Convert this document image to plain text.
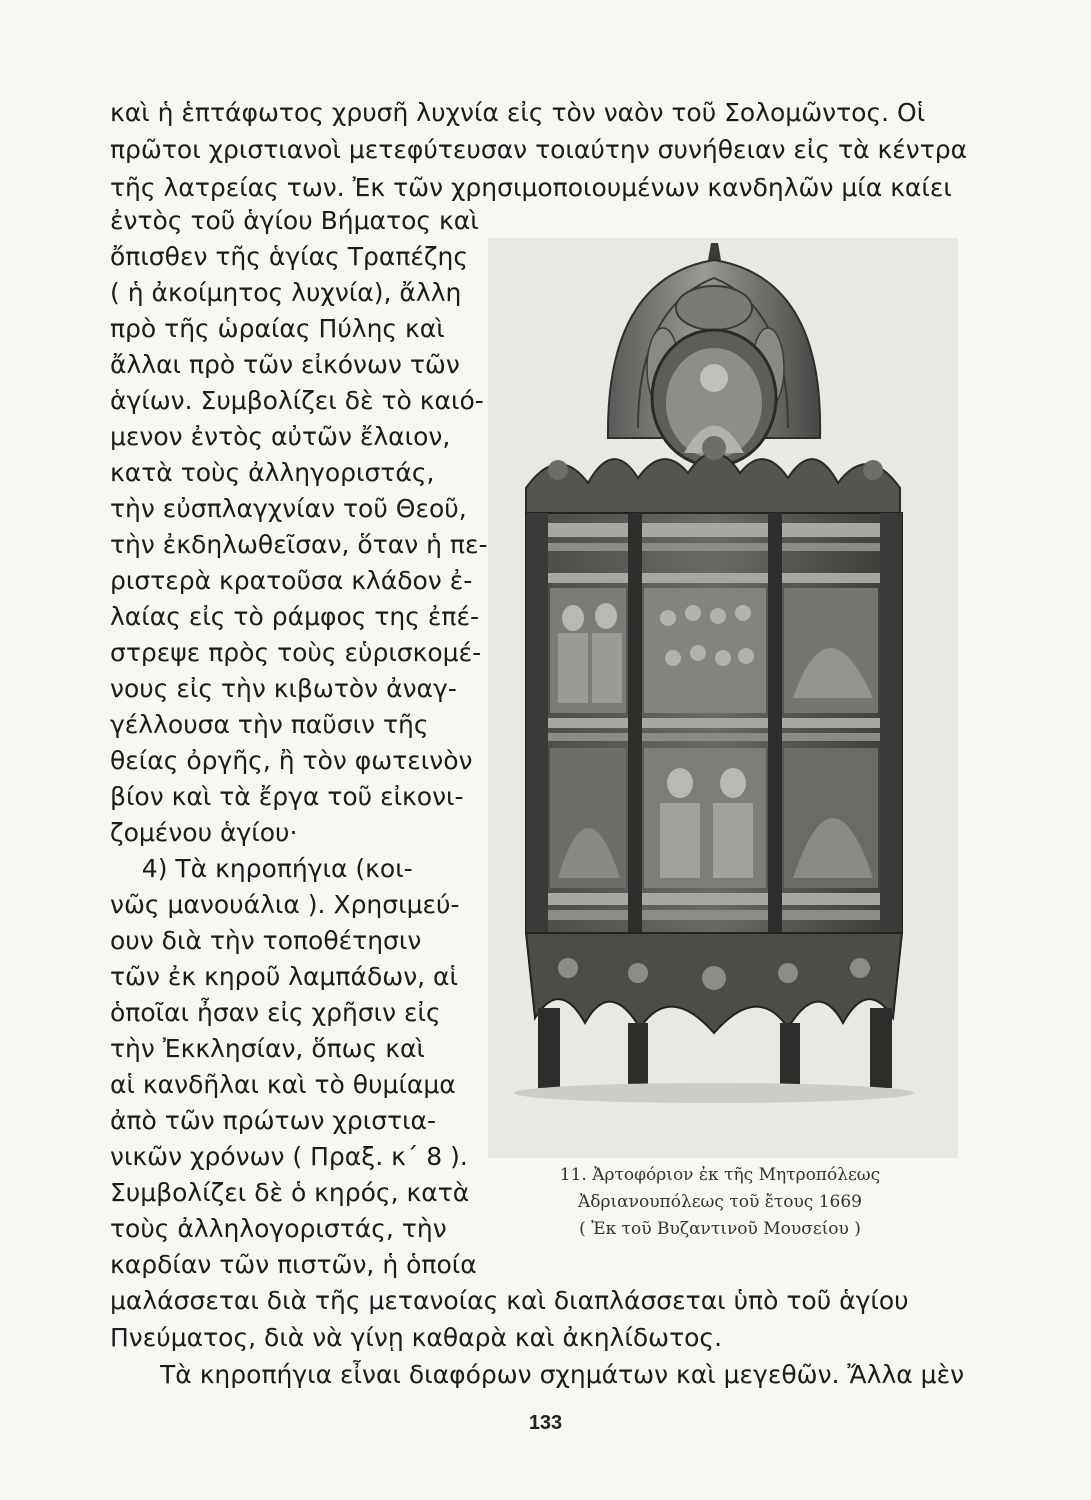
καὶ ἡ ἑπτάφωτος χρυσῆ λυχνία εἰς τὸν ναὸν τοῦ Σολομῶντος. Οἱ
πρῶτοι χριστιανοὶ μετεφύτευσαν τοιαύτην συνήθειαν εἰς τὰ κέντρα
τῆς λατρείας των. Ἐκ τῶν χρησιμοποιουμένων κανδηλῶν μία καίει
ἐντὸς τοῦ ἁγίου Βήματος καὶ
ὄπισθεν τῆς ἁγίας Τραπέζης
( ἡ ἀκοίμητος λυχνία), ἄλλη
πρὸ τῆς ὡραίας Πύλης καὶ
ἄλλαι πρὸ τῶν εἰκόνων τῶν
ἁγίων. Συμβολίζει δὲ τὸ καιό-
μενον ἐντὸς αὐτῶν ἔλαιον,
κατὰ τοὺς ἀλληγοριστάς,
τὴν εὐσπλαγχνίαν τοῦ Θεοῦ,
τὴν ἐκδηλωθεῖσαν, ὅταν ἡ πε-
ριστερὰ κρατοῦσα κλάδον ἐ-
λαίας εἰς τὸ ράμφος της ἐπέ-
στρεψε πρὸς τοὺς εὑρισκομέ-
νους εἰς τὴν κιβωτὸν ἀναγ-
γέλλουσα τὴν παῦσιν τῆς
θείας ὀργῆς, ἢ τὸν φωτεινὸν
βίον καὶ τὰ ἔργα τοῦ εἰκονι-
ζομένου ἁγίου·
4) Τὰ κηροπήγια (κοι-
νῶς μανουάλια ). Χρησιμεύ-
ουν διὰ τὴν τοποθέτησιν
τῶν ἐκ κηροῦ λαμπάδων, αἱ
ὁποῖαι ἦσαν εἰς χρῆσιν εἰς
τὴν Ἐκκλησίαν, ὅπως καὶ
αἱ κανδῆλαι καὶ τὸ θυμίαμα
ἀπὸ τῶν πρώτων χριστια-
νικῶν χρόνων ( Πραξ. κ΄ 8 ).
Συμβολίζει δὲ ὁ κηρός, κατὰ
τοὺς ἀλληλογοριστάς, τὴν
καρδίαν τῶν πιστῶν, ἡ ὁποία
11. Ἀρτοφόριον ἐκ τῆς Μητροπόλεως
Ἀδριανουπόλεως τοῦ ἔτους 1669
( Ἐκ τοῦ Βυζαντινοῦ Μουσείου )
μαλάσσεται διὰ τῆς μετανοίας καὶ διαπλάσσεται ὑπὸ τοῦ ἁγίου
Πνεύματος, διὰ νὰ γίνῃ καθαρὰ καὶ ἀκηλίδωτος.
Τὰ κηροπήγια εἶναι διαφόρων σχημάτων καὶ μεγεθῶν. Ἄλλα μὲν
133
